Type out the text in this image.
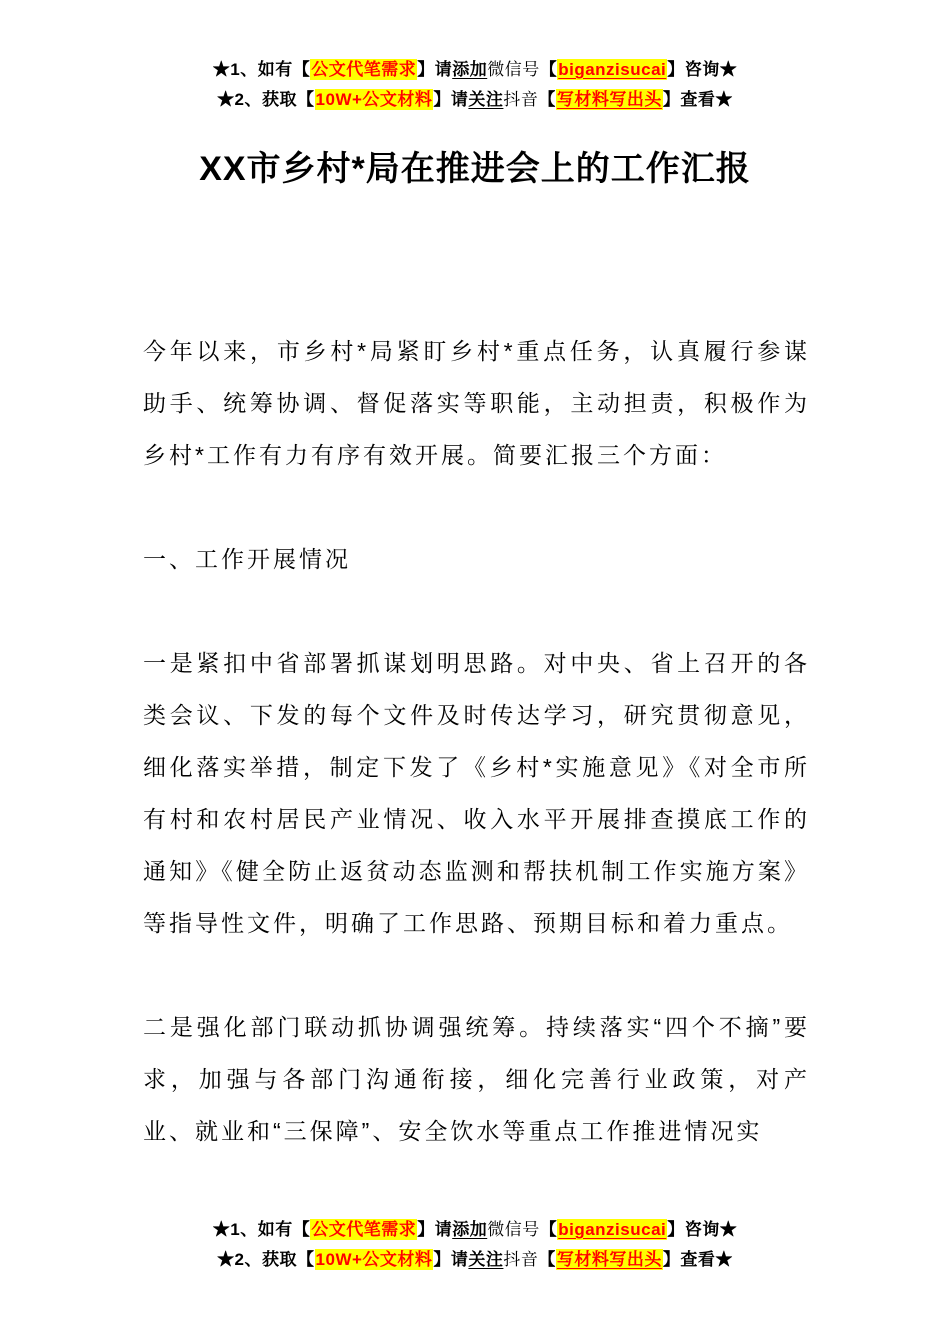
★1、如有【公文代笔需求】请添加微信号【biganzisucai】咨询★
★2、获取【10W+公文材料】请关注抖音【写材料写出头】查看★
XX市乡村*局在推进会上的工作汇报

今年以来，市乡村*局紧盯乡村*重点任务，认真履行参谋助手、统筹协调、督促落实等职能，主动担责，积极作为乡村*工作有力有序有效开展。简要汇报三个方面：

一、工作开展情况

一是紧扣中省部署抓谋划明思路。对中央、省上召开的各类会议、下发的每个文件及时传达学习，研究贯彻意见，细化落实举措，制定下发了《乡村*实施意见》《对全市所有村和农村居民产业情况、收入水平开展排查摸底工作的通知》《健全防止返贫动态监测和帮扶机制工作实施方案》等指导性文件，明确了工作思路、预期目标和着力重点。

二是强化部门联动抓协调强统筹。持续落实“四个不摘”要求，加强与各部门沟通衔接，细化完善行业政策，对产业、就业和“三保障”、安全饮水等重点工作推进情况实

★1、如有【公文代笔需求】请添加微信号【biganzisucai】咨询★
★2、获取【10W+公文材料】请关注抖音【写材料写出头】查看★
